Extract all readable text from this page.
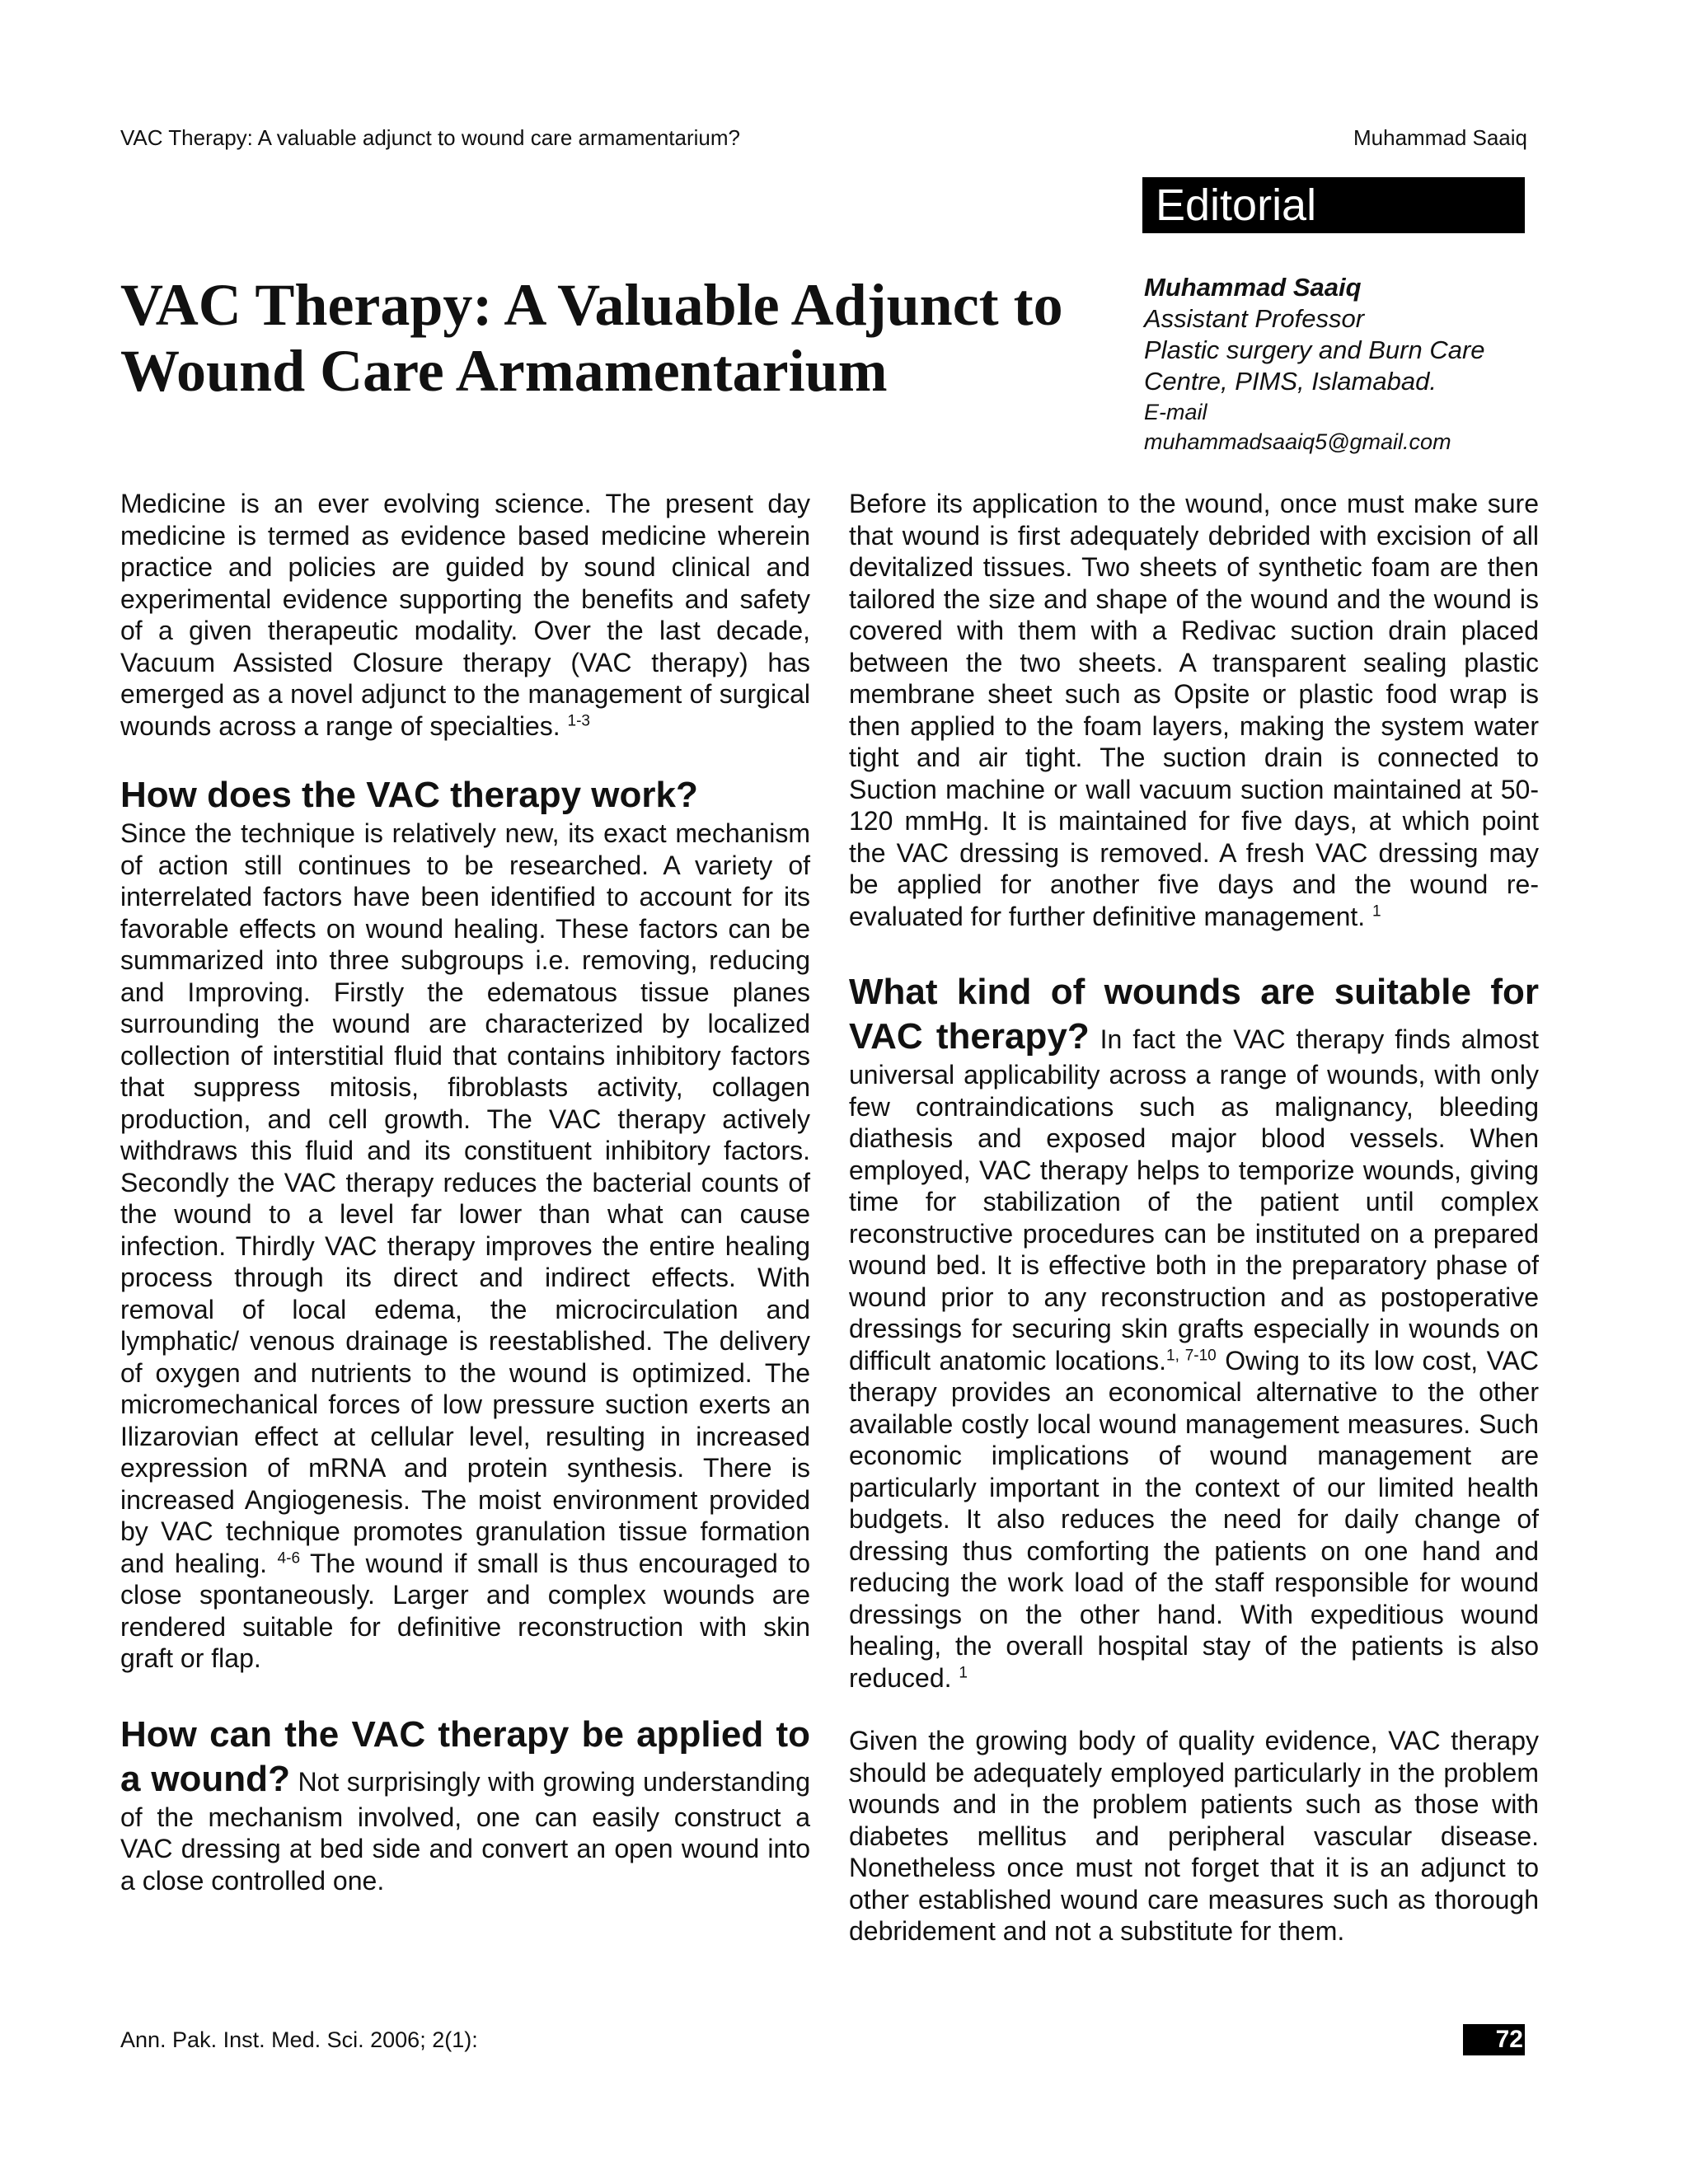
VAC Therapy: A valuable adjunct to wound care armamentarium?	Muhammad Saaiq
Editorial
VAC Therapy: A Valuable Adjunct to Wound Care Armamentarium
Muhammad Saaiq
Assistant Professor
Plastic surgery and Burn Care
Centre, PIMS, Islamabad.
E-mail
muhammadsaaiq5@gmail.com

Medicine is an ever evolving science. The present day medicine is termed as evidence based medicine wherein practice and policies are guided by sound clinical and experimental evidence supporting the benefits and safety of a given therapeutic modality. Over the last decade, Vacuum Assisted Closure therapy (VAC therapy) has emerged as a novel adjunct to the management of surgical wounds across a range of specialties. $^{1-3}$

How does the VAC therapy work?

Since the technique is relatively new, its exact mechanism of action still continues to be researched. A variety of interrelated factors have been identified to account for its favorable effects on wound healing. These factors can be summarized into three subgroups i.e. removing, reducing and Improving. Firstly the edematous tissue planes surrounding the wound are characterized by localized collection of interstitial fluid that contains inhibitory factors that suppress mitosis, fibroblasts activity, collagen production, and cell growth. The VAC therapy actively withdraws this fluid and its constituent inhibitory factors. Secondly the VAC therapy reduces the bacterial counts of the wound to a level far lower than what can cause infection. Thirdly VAC therapy improves the entire healing process through its direct and indirect effects. With removal of local edema, the microcirculation and lymphatic/ venous drainage is reestablished. The delivery of oxygen and nutrients to the wound is optimized. The micromechanical forces of low pressure suction exerts an Ilizarovian effect at cellular level, resulting in increased expression of mRNA and protein synthesis. There is increased Angiogenesis. The moist environment provided by VAC technique promotes granulation tissue formation and healing. $^{4-6}$ The wound if small is thus encouraged to close spontaneously. Larger and complex wounds are rendered suitable for definitive reconstruction with skin graft or flap.

How can the VAC therapy be applied to a wound? Not surprisingly with growing understanding of the mechanism involved, one can easily construct a VAC dressing at bed side and convert an open wound into a close controlled one.

Before its application to the wound, once must make sure that wound is first adequately debrided with excision of all devitalized tissues. Two sheets of synthetic foam are then tailored the size and shape of the wound and the wound is covered with them with a Redivac suction drain placed between the two sheets. A transparent sealing plastic membrane sheet such as Opsite or plastic food wrap is then applied to the foam layers, making the system water tight and air tight. The suction drain is connected to Suction machine or wall vacuum suction maintained at 50-120 mmHg. It is maintained for five days, at which point the VAC dressing is removed. A fresh VAC dressing may be applied for another five days and the wound re-evaluated for further definitive management. $^1$

What kind of wounds are suitable for VAC therapy? In fact the VAC therapy finds almost universal applicability across a range of wounds, with only few contraindications such as malignancy, bleeding diathesis and exposed major blood vessels. When employed, VAC therapy helps to temporize wounds, giving time for stabilization of the patient until complex reconstructive procedures can be instituted on a prepared wound bed. It is effective both in the preparatory phase of wound prior to any reconstruction and as postoperative dressings for securing skin grafts especially in wounds on difficult anatomic locations.$^{1, 7-10}$ Owing to its low cost, VAC therapy provides an economical alternative to the other available costly local wound management measures. Such economic implications of wound management are particularly important in the context of our limited health budgets. It also reduces the need for daily change of dressing thus comforting the patients on one hand and reducing the work load of the staff responsible for wound dressings on the other hand. With expeditious wound healing, the overall hospital stay of the patients is also reduced. $^1$

Given the growing body of quality evidence, VAC therapy should be adequately employed particularly in the problem wounds and in the problem patients such as those with diabetes mellitus and peripheral vascular disease. Nonetheless once must not forget that it is an adjunct to other established wound care measures such as thorough debridement and not a substitute for them.

Ann. Pak. Inst. Med. Sci. 2006; 2(1):	72
